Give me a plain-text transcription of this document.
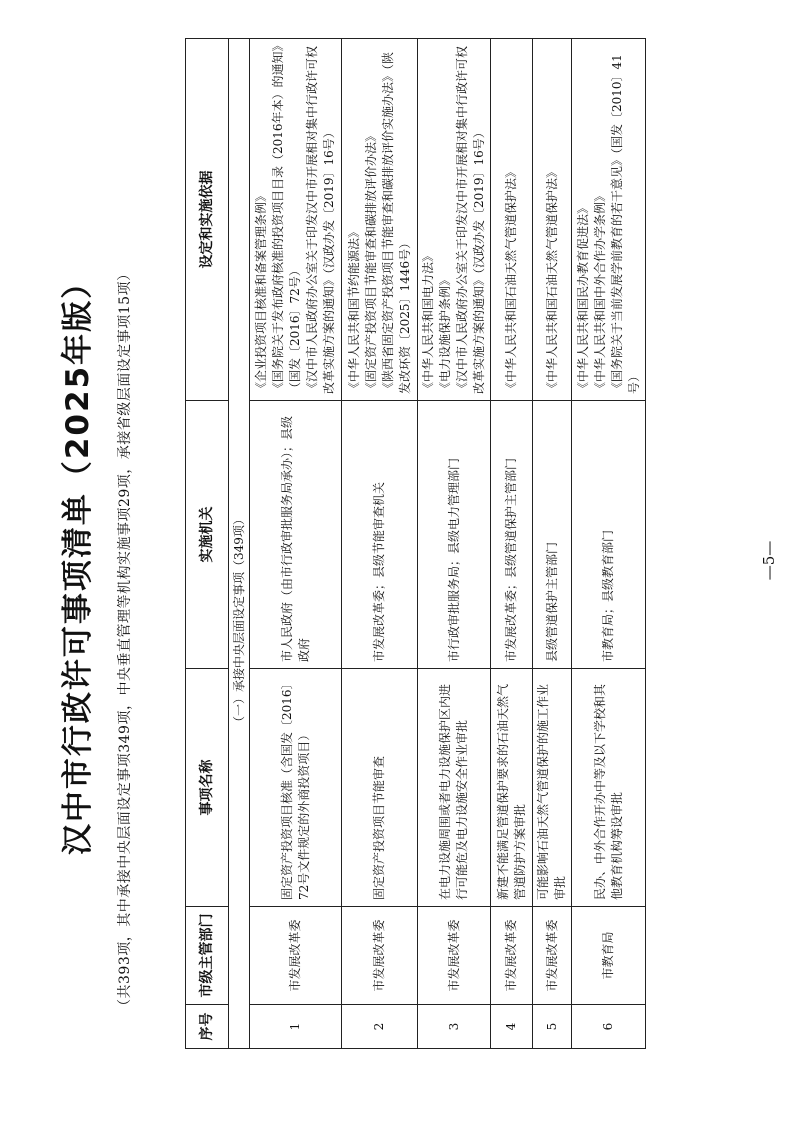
汉中市行政许可事项清单（2025年版） （共393项，其中承接中央层面设定事项349项，中央垂直管理等机构实施事项29项，承接省级层面设定事项15项）
序号	市级主管部门	事项名称	实施机关	设定和实施依据
（一）承接中央层面设定事项（349项）				
1	市发展改革委	固定资产投资项目核准（含国发〔2016〕72号文件规定的外商投资项目）	市人民政府（由市行政审批服务局承办）；县级政府	《企业投资项目核准和备案管理条例》 《国务院关于发布政府核准的投资项目目录（2016年本）的通知》（国发〔2016〕72号） 《汉中市人民政府办公室关于印发汉中市开展相对集中行政许可权改革实施方案的通知》（汉政办发〔2019〕16号）

2	市发展改革委	固定资产投资项目节能审查	市发展改革委；县级节能审查机关	《中华人民共和国节约能源法》 《固定资产投资项目节能审查和碳排放评价办法》 《陕西省固定资产投资项目节能审查和碳排放评价实施办法》（陕发改环资〔2025〕1446号）

3	市发展改革委	在电力设施周围或者电力设施保护区内进行可能危及电力设施安全作业审批	市行政审批服务局；县级电力管理部门	《中华人民共和国电力法》 《电力设施保护条例》 《汉中市人民政府办公室关于印发汉中市开展相对集中行政许可权改革实施方案的通知》（汉政办发〔2019〕16号）

4	市发展改革委	新建不能满足管道保护要求的石油天然气管道防护方案审批	市发展改革委；县级管道保护主管部门	《中华人民共和国石油天然气管道保护法》

5	市发展改革委	可能影响石油天然气管道保护的施工作业审批	县级管道保护主管部门	《中华人民共和国石油天然气管道保护法》

6	市教育局	民办、中外合作开办中等及以下学校和其他教育机构筹设审批	市教育局；县级教育部门	《中华人民共和国民办教育促进法》 《中华人民共和国中外合作办学条例》 《国务院关于当前发展学前教育的若干意见》（国发〔2010〕41号）
—5—
